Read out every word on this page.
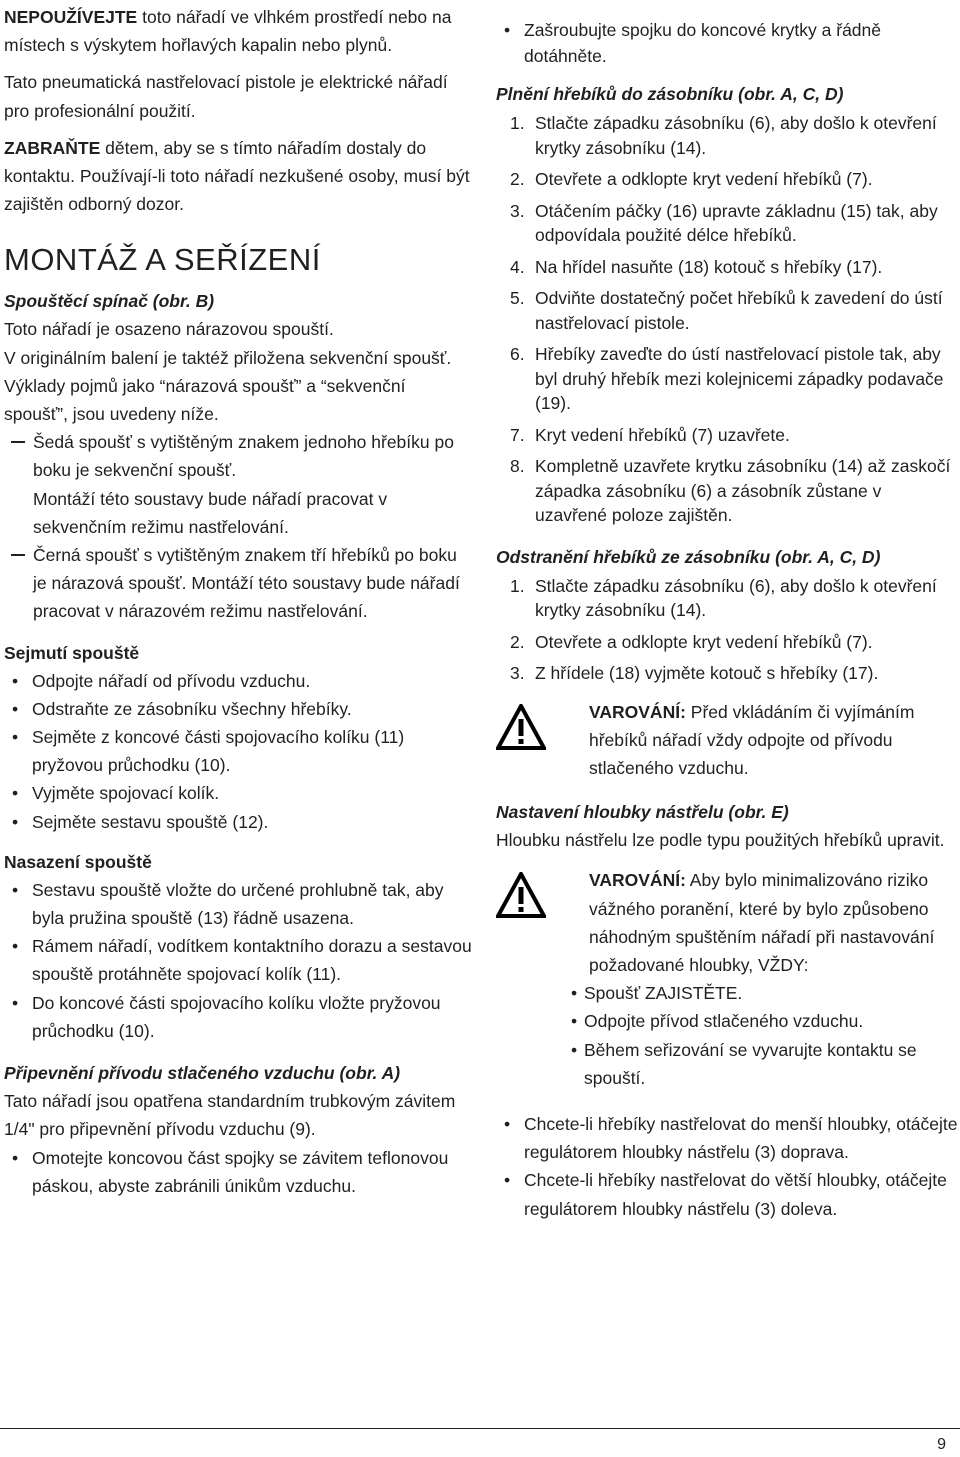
NEPOUŽÍVEJTE toto nářadí ve vlhkém prostředí nebo na místech s výskytem hořlavých kapalin nebo plynů.

Tato pneumatická nastřelovací pistole je elektrické nářadí pro profesionální použití.

ZABRAŇTE dětem, aby se s tímto nářadím dostaly do kontaktu. Používají-li toto nářadí nezkušené osoby, musí být zajištěn odborný dozor.

MONTÁŽ A SEŘÍZENÍ

Spouštěcí spínač (obr. B)

Toto nářadí je osazeno nárazovou spouští.

V originálním balení je taktéž přiložena sekvenční spoušť. Výklady pojmů jako “nárazová spoušť” a “sekvenční spoušť”, jsou uvedeny níže.

Šedá spoušť s vytištěným znakem jednoho hřebíku po boku je sekvenční spoušť.
Montáží této soustavy bude nářadí pracovat v sekvenčním režimu nastřelování.
Černá spoušť s vytištěným znakem tří hřebíků po boku je nárazová spoušť. Montáží této soustavy bude nářadí pracovat v nárazovém režimu nastřelování.

Sejmutí spouště

• Odpojte nářadí od přívodu vzduchu.
• Odstraňte ze zásobníku všechny hřebíky.
• Sejměte z koncové části spojovacího kolíku (11) pryžovou průchodku (10).
• Vyjměte spojovací kolík.
• Sejměte sestavu spouště (12).

Nasazení spouště

• Sestavu spouště vložte do určené prohlubně tak, aby byla pružina spouště (13) řádně usazena.
• Rámem nářadí, vodítkem kontaktního dorazu a sestavou spouště protáhněte spojovací kolík (11).
• Do koncové části spojovacího kolíku vložte pryžovou průchodku (10).

Připevnění přívodu stlačeného vzduchu (obr. A)

Tato nářadí jsou opatřena standardním trubkovým závitem 1/4" pro připevnění přívodu vzduchu (9).

• Omotejte koncovou část spojky se závitem teflonovou páskou, abyste zabránili únikům vzduchu.
• Zašroubujte spojku do koncové krytky a řádně dotáhněte.

Plnění hřebíků do zásobníku (obr. A, C, D)

1. Stlačte západku zásobníku (6), aby došlo k otevření krytky zásobníku (14).
2. Otevřete a odklopte kryt vedení hřebíků (7).
3. Otáčením páčky (16) upravte základnu (15) tak, aby odpovídala použité délce hřebíků.
4. Na hřídel nasuňte (18) kotouč s hřebíky (17).
5. Odviňte dostatečný počet hřebíků k zavedení do ústí nastřelovací pistole.
6. Hřebíky zaveďte do ústí nastřelovací pistole tak, aby byl druhý hřebík mezi kolejnicemi západky podavače (19).
7. Kryt vedení hřebíků (7) uzavřete.
8. Kompletně uzavřete krytku zásobníku (14) až zaskočí západka zásobníku (6) a zásobník zůstane v uzavřené poloze zajištěn.

Odstranění hřebíků ze zásobníku (obr. A, C, D)

1. Stlačte západku zásobníku (6), aby došlo k otevření krytky zásobníku (14).
2. Otevřete a odklopte kryt vedení hřebíků (7).
3. Z hřídele (18) vyjměte kotouč s hřebíky (17).

VAROVÁNÍ: Před vkládáním či vyjímáním hřebíků nářadí vždy odpojte od přívodu stlačeného vzduchu.

Nastavení hloubky nástřelu (obr. E)

Hloubku nástřelu lze podle typu použitých hřebíků upravit.

VAROVÁNÍ: Aby bylo minimalizováno riziko vážného poranění, které by bylo způsobeno náhodným spuštěním nářadí při nastavování požadované hloubky, VŽDY:

• Spoušť ZAJISTĚTE.
• Odpojte přívod stlačeného vzduchu.
• Během seřizování se vyvarujte kontaktu se spouští.
• Chcete-li hřebíky nastřelovat do menší hloubky, otáčejte regulátorem hloubky nástřelu (3) doprava.
• Chcete-li hřebíky nastřelovat do větší hloubky, otáčejte regulátorem hloubky nástřelu (3) doleva.
9
